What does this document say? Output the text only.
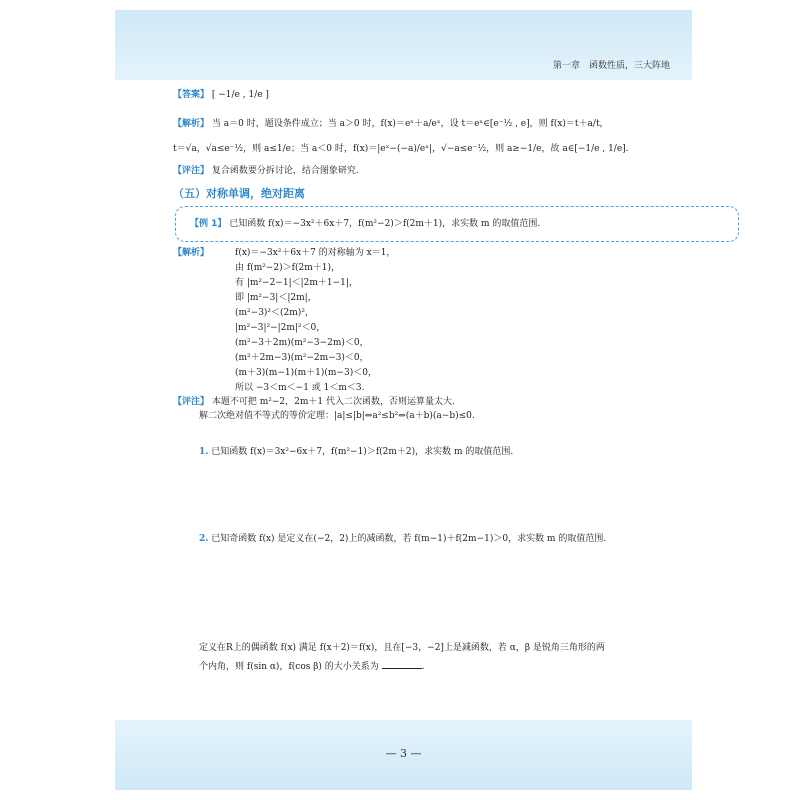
第一章　函数性质，三大阵地
【答案】 [ −1/e , 1/e ]
【解析】 当 a＝0 时，题设条件成立；当 a＞0 时，f(x)＝eˣ＋a/eˣ，设 t＝eˣ∈[e⁻½ , e]，则 f(x)＝t＋a/t，
t＝√a，√a≤e⁻½，则 a≤1/e；当 a＜0 时，f(x)＝|eˣ−(−a)/eˣ|，√−a≤e⁻½，则 a≥−1/e，故 a∈[−1/e , 1/e].
【评注】 复合函数要分拆讨论，结合图象研究.
（五）对称单调，绝对距离
【例 1】 已知函数 f(x)＝−3x²＋6x＋7，f(m²−2)＞f(2m＋1)，求实数 m 的取值范围.
【解析】	f(x)＝−3x²＋6x＋7 的对称轴为 x＝1，
由 f(m²−2)＞f(2m＋1)，
有 |m²−2−1|＜|2m＋1−1|，
即 |m²−3|＜|2m|，
(m²−3)²＜(2m)²，
|m²−3|²−|2m|²＜0，
(m²−3＋2m)(m²−3−2m)＜0，
(m²＋2m−3)(m²−2m−3)＜0，
(m＋3)(m−1)(m＋1)(m−3)＜0，
所以 −3＜m＜−1 或 1＜m＜3.
【评注】 本题不可把 m²−2，2m＋1 代入二次函数，否则运算量太大.
解二次绝对值不等式的等价定理：|a|≤|b|⇔a²≤b²⇔(a＋b)(a−b)≤0.
1. 已知函数 f(x)＝3x²−6x＋7，f(m²−1)＞f(2m＋2)，求实数 m 的取值范围.
2. 已知奇函数 f(x) 是定义在(−2，2)上的减函数，若 f(m−1)＋f(2m−1)＞0，求实数 m 的取值范围.
定义在R上的偶函数 f(x) 满足 f(x＋2)＝f(x)，且在[−3，−2]上是减函数，若 α，β 是锐角三角形的两
个内角，则 f(sin α)，f(cos β) 的大小关系为	.
— 3 —
